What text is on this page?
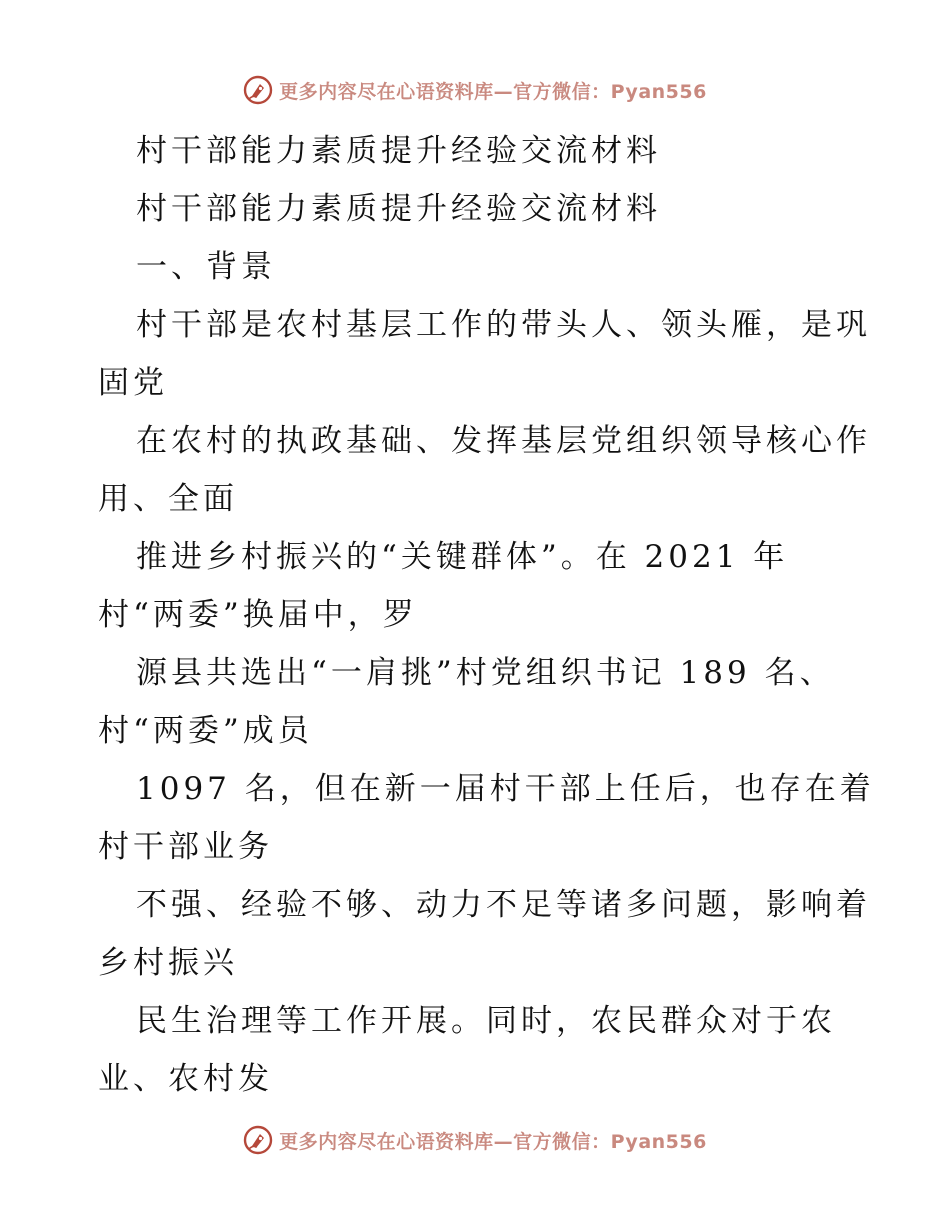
更多内容尽在心语资料库—官方微信：Pyan556
村干部能力素质提升经验交流材料
村干部能力素质提升经验交流材料
一、背景
村干部是农村基层工作的带头人、领头雁，是巩
固党
在农村的执政基础、发挥基层党组织领导核心作
用、全面
推进乡村振兴的“关键群体”。在 2021 年
村“两委”换届中，罗
源县共选出“一肩挑”村党组织书记 189 名、
村“两委”成员
1097 名，但在新一届村干部上任后，也存在着
村干部业务
不强、经验不够、动力不足等诸多问题，影响着
乡村振兴
民生治理等工作开展。同时，农民群众对于农
业、农村发
更多内容尽在心语资料库—官方微信：Pyan556
